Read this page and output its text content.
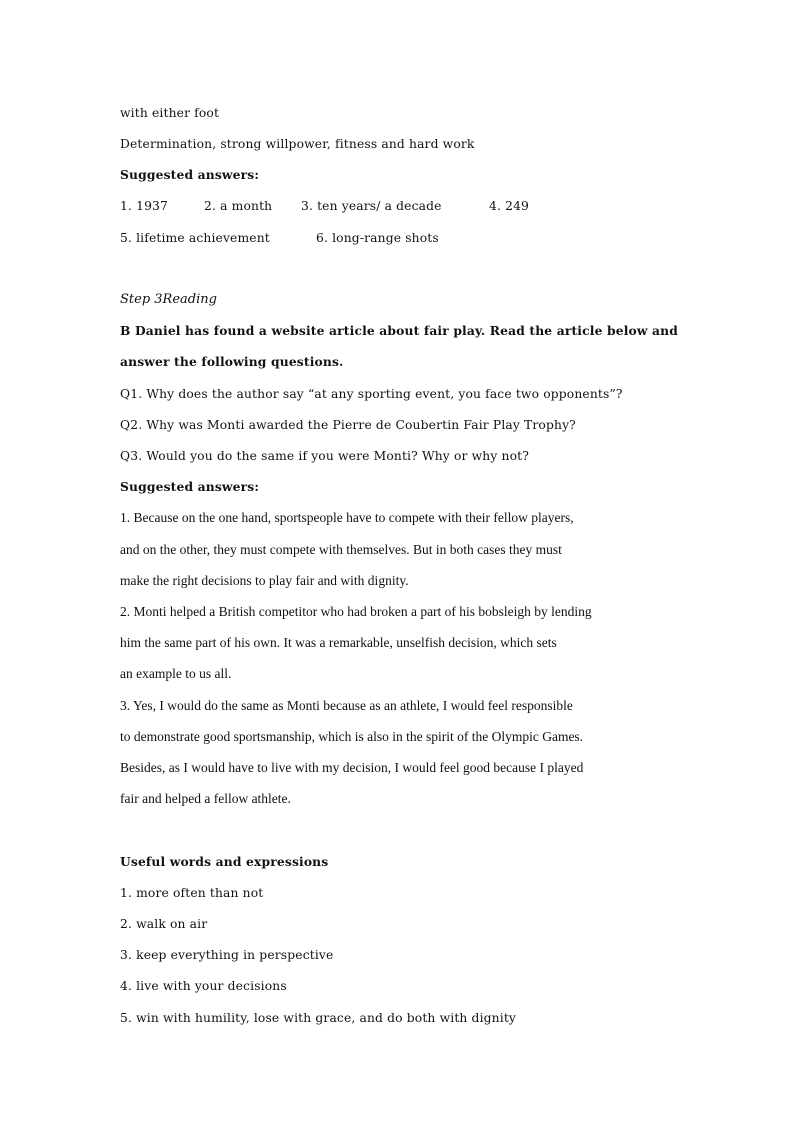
with either foot
Determination, strong willpower, fitness and hard work
Suggested answers:
1. 1937	2. a month 3. ten years/ a decade	4. 249
5. lifetime achievement	6. long-range shots
Step 3Reading
B Daniel has found a website article about fair play. Read the article below and
answer the following questions.
Q1. Why does the author say “at any sporting event, you face two opponents”?
Q2. Why was Monti awarded the Pierre de Coubertin Fair Play Trophy?
Q3. Would you do the same if you were Monti? Why or why not?
Suggested answers:
1. Because on the one hand, sportspeople have to compete with their fellow players,
and on the other, they must compete with themselves. But in both cases they must
make the right decisions to play fair and with dignity.
2. Monti helped a British competitor who had broken a part of his bobsleigh by lending
him the same part of his own. It was a remarkable, unselfish decision, which sets
an example to us all.
3. Yes, I would do the same as Monti because as an athlete, I would feel responsible
to demonstrate good sportsmanship, which is also in the spirit of the Olympic Games.
Besides, as I would have to live with my decision, I would feel good because I played
fair and helped a fellow athlete.
Useful words and expressions
1. more often than not
2. walk on air
3. keep everything in perspective
4. live with your decisions
5. win with humility, lose with grace, and do both with dignity
